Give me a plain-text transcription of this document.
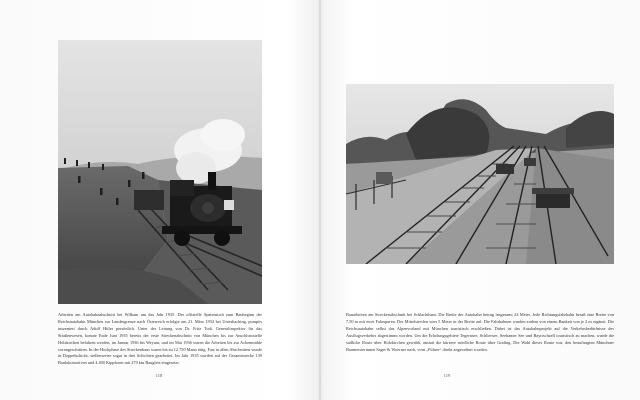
Arbeiten am Autobahnabschnitt bei Wilkam um das Jahr 1935. Der offizielle Spatenstich zum Baubeginn der Reichsautobahn München zur Landesgrenze nach Österreich erfolgte am 21. März 1934 bei Unterhaching, pompös inszeniert durch Adolf Hitler persönlich. Unter der Leitung von Dr. Fritz Todt, Generalinspektor für das Straßenwesen, konnte Ende Juni 1935 bereits der erste Streckenabschnitt von München bis zur Anschlussstelle Holzkirchen befahren werden, im Januar 1936 bis Weyarn, und im Mai 1936 waren die Arbeiten bis zur Achenmühle vorangeschritten. In der Hochphase des Streckenbaus waren bis zu 12.750 Mann tätig. Fast in allen Abschnitten wurde in Doppelschicht, stellenweise sogar in drei Schichten gearbeitet. Im Jahr 1935 wurden auf der Gesamtstrecke 139 Baulokomotiven und 4.400 Kipploren mit 270 km Baugleis eingesetzt.

Bauarbeiten am Streckenabschnitt bei Schlachtham. Die Breite der Autobahn betrug insgesamt 24 Meter. Jede Richtungsfahrbahn besaß eine Breite von 7,50 m mit zwei Fahrspuren. Der Mittelstreifen wies 5 Meter in der Breite auf. Die Fahrbahnen wurden zudem von einem Bankett von je 2 m ergänzt. Die Reichsautobahn selbst das Alpenvorland mit München touristisch erschließen. Dabei ist das Autobahnprojekt auf die Verkehrsbedürfnisse des Ausflugsverkehrs abgestimmt worden. Um die Erholungsgebiete Tegernsee, Schliersee, Seehamer See und Bayrischzell touristisch zu machen, wurde die südliche Route über Holzkirchen gewählt, anstatt die kürzere nördliche Route über Grafing. Die Wahl dieser Route war, den beauftragten Münchner Baumeisterinnen Sager & Woerner nach, vom „Führer“ direkt angeordnet worden.

118	119
